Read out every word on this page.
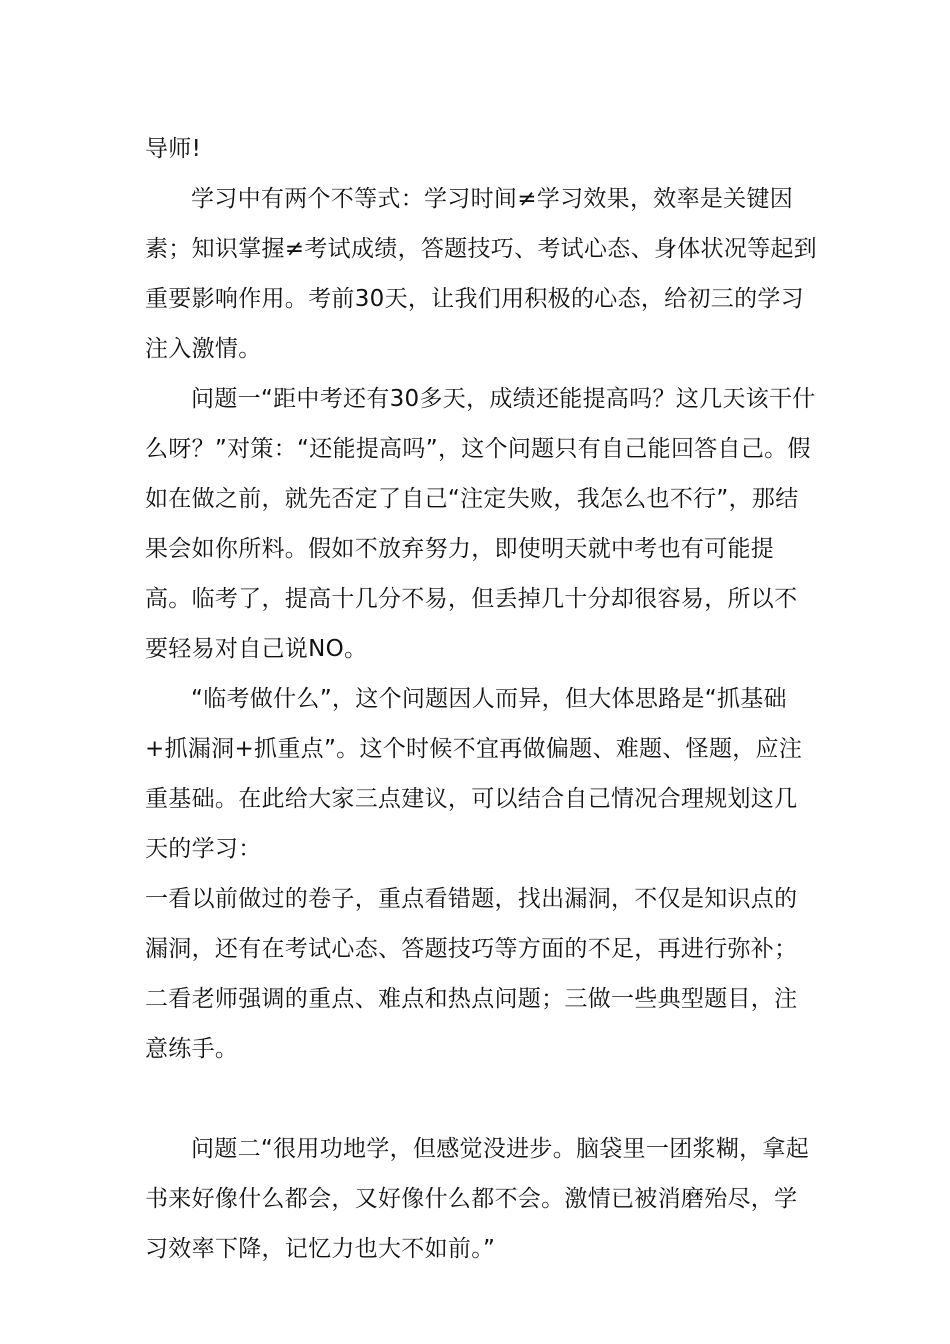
导师!

学习中有两个不等式：学习时间≠学习效果，效率是关键因素；知识掌握≠考试成绩，答题技巧、考试心态、身体状况等起到重要影响作用。考前30天，让我们用积极的心态，给初三的学习注入激情。

问题一“距中考还有30多天，成绩还能提高吗？这几天该干什么呀？”对策：“还能提高吗”，这个问题只有自己能回答自己。假如在做之前，就先否定了自己“注定失败，我怎么也不行”，那结果会如你所料。假如不放弃努力，即使明天就中考也有可能提高。临考了，提高十几分不易，但丢掉几十分却很容易，所以不要轻易对自己说NO。

“临考做什么”，这个问题因人而异，但大体思路是“抓基础+抓漏洞+抓重点”。这个时候不宜再做偏题、难题、怪题，应注重基础。在此给大家三点建议，可以结合自己情况合理规划这几天的学习：

一看以前做过的卷子，重点看错题，找出漏洞，不仅是知识点的漏洞，还有在考试心态、答题技巧等方面的不足，再进行弥补；二看老师强调的重点、难点和热点问题；三做一些典型题目，注意练手。

问题二“很用功地学，但感觉没进步。脑袋里一团浆糊，拿起书来好像什么都会，又好像什么都不会。激情已被消磨殆尽，学习效率下降，记忆力也大不如前。”
